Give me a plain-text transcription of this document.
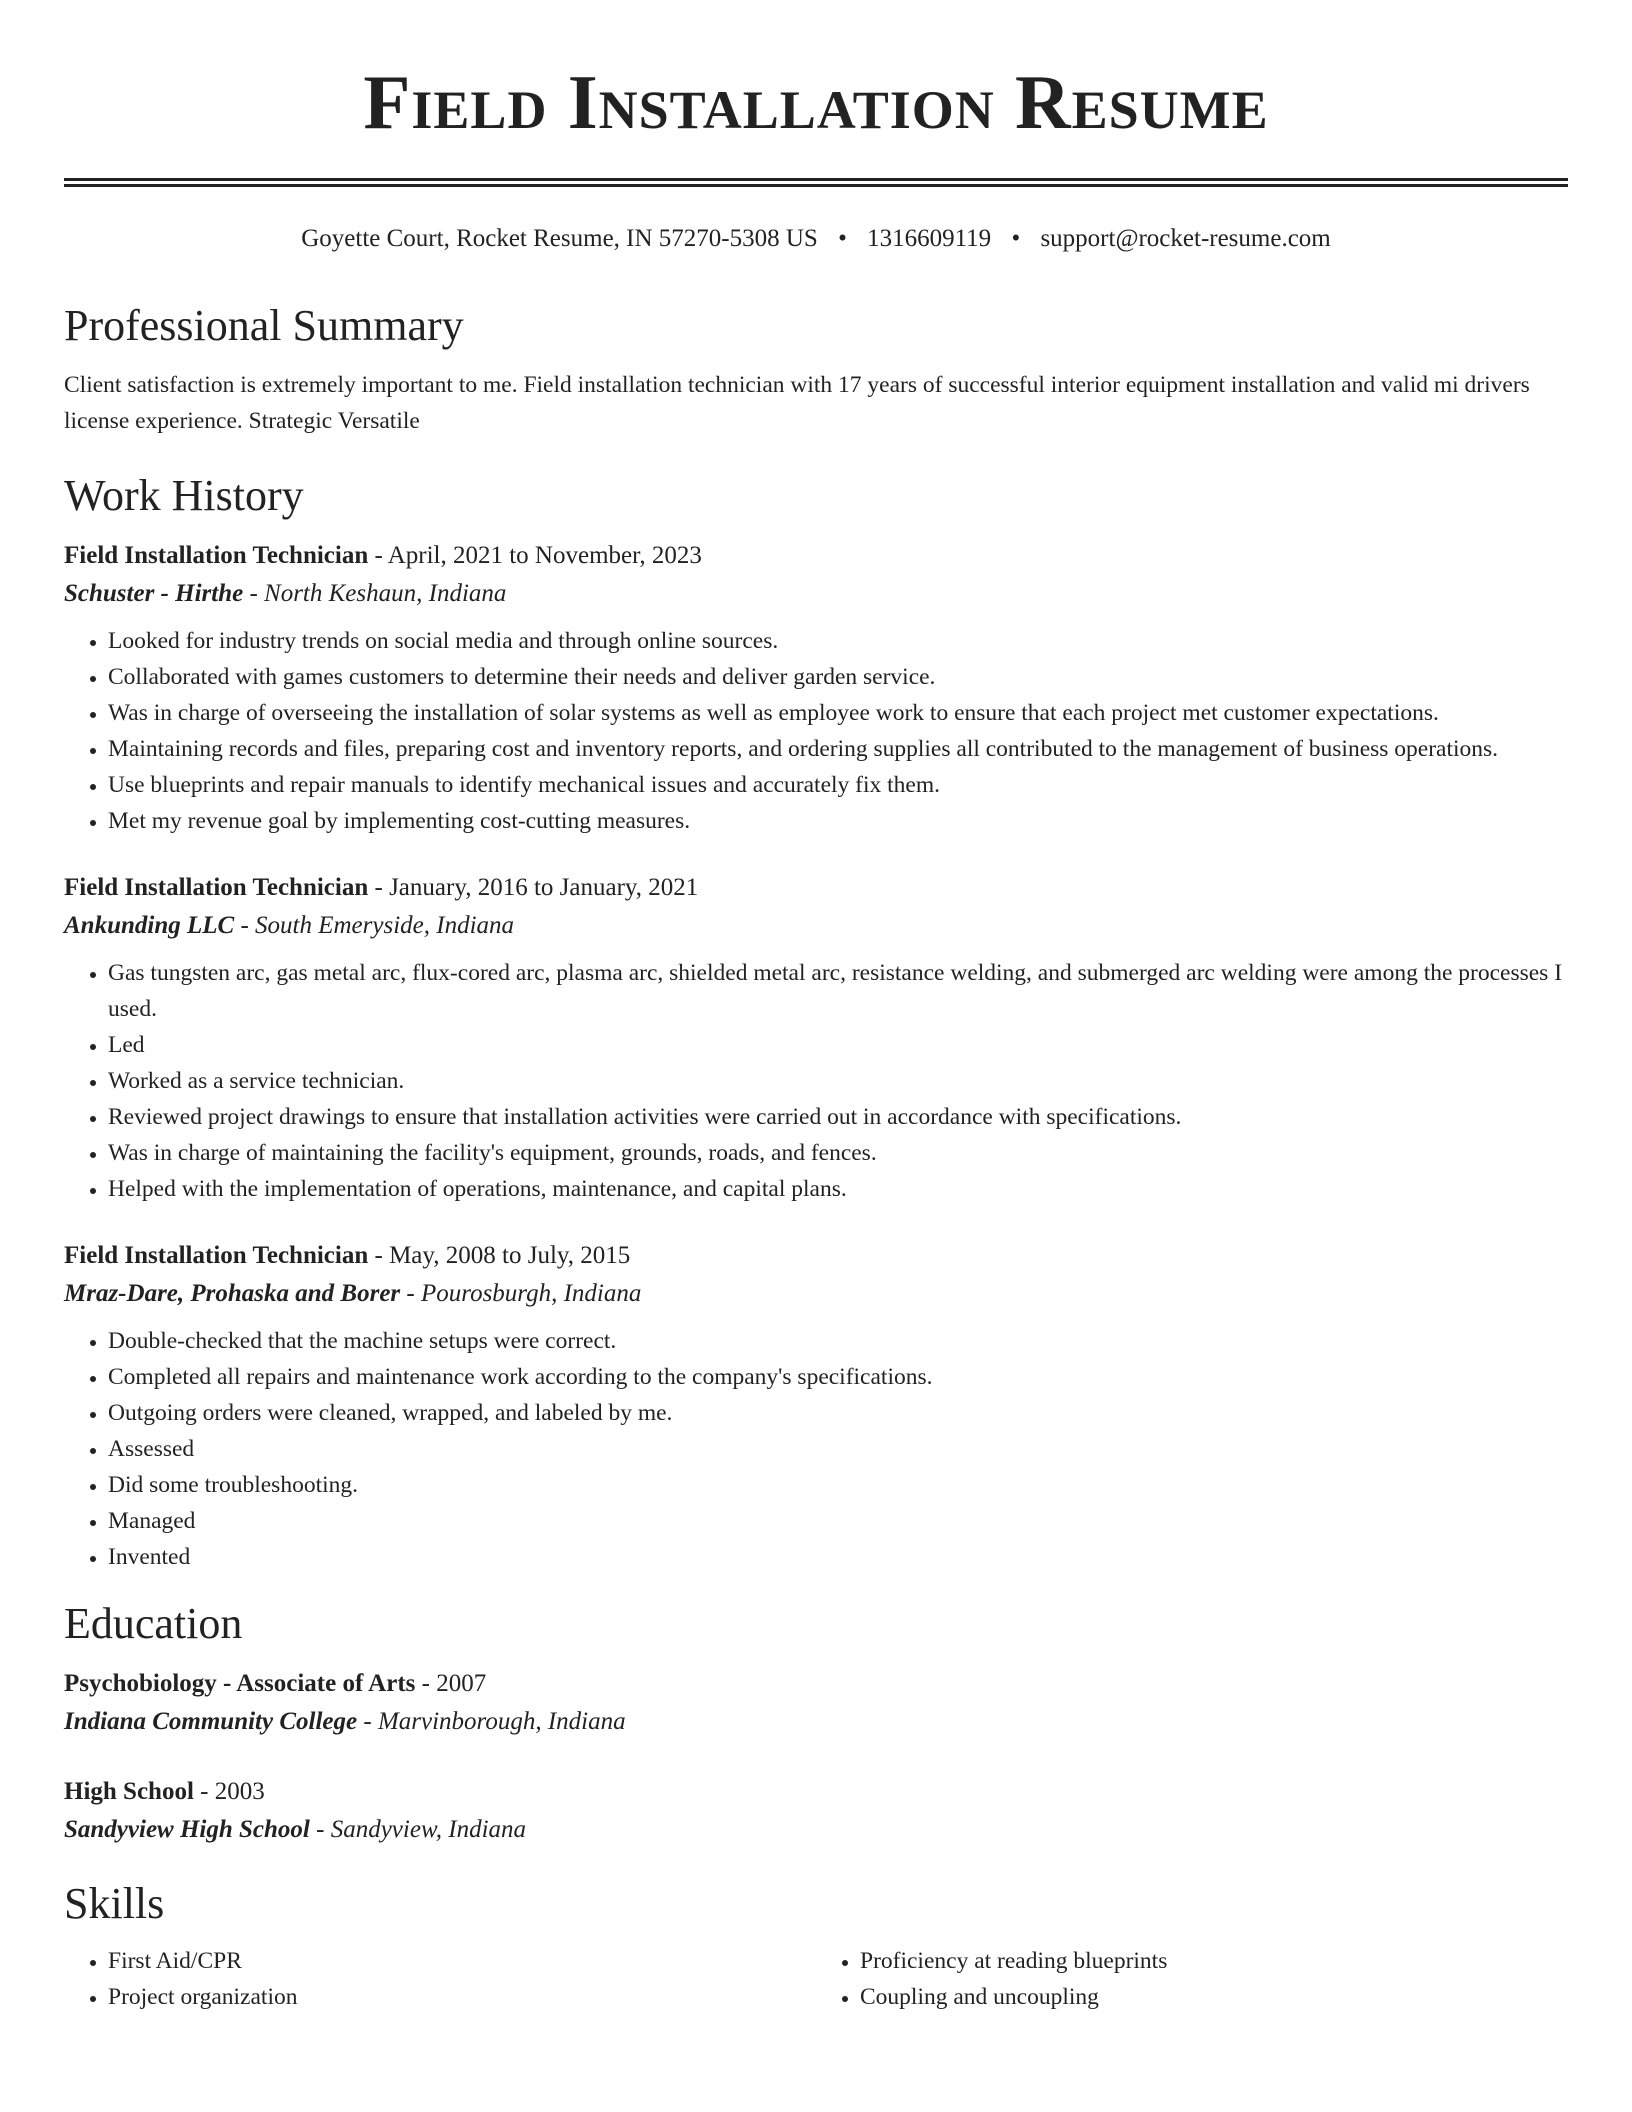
Field Installation Resume
Goyette Court, Rocket Resume, IN 57270-5308 US • 1316609119 • support@rocket-resume.com
Professional Summary

Client satisfaction is extremely important to me. Field installation technician with 17 years of successful interior equipment installation and valid mi drivers license experience. Strategic Versatile

Work History
Field Installation Technician - April, 2021 to November, 2023
Schuster - Hirthe - North Keshaun, Indiana
• Looked for industry trends on social media and through online sources.
• Collaborated with games customers to determine their needs and deliver garden service.
• Was in charge of overseeing the installation of solar systems as well as employee work to ensure that each project met customer expectations.
• Maintaining records and files, preparing cost and inventory reports, and ordering supplies all contributed to the management of business operations.
• Use blueprints and repair manuals to identify mechanical issues and accurately fix them.
• Met my revenue goal by implementing cost-cutting measures.
Field Installation Technician - January, 2016 to January, 2021
Ankunding LLC - South Emeryside, Indiana
• Gas tungsten arc, gas metal arc, flux-cored arc, plasma arc, shielded metal arc, resistance welding, and submerged arc welding were among the processes I used.
• Led
• Worked as a service technician.
• Reviewed project drawings to ensure that installation activities were carried out in accordance with specifications.
• Was in charge of maintaining the facility's equipment, grounds, roads, and fences.
• Helped with the implementation of operations, maintenance, and capital plans.
Field Installation Technician - May, 2008 to July, 2015
Mraz-Dare, Prohaska and Borer - Pourosburgh, Indiana
• Double-checked that the machine setups were correct.
• Completed all repairs and maintenance work according to the company's specifications.
• Outgoing orders were cleaned, wrapped, and labeled by me.
• Assessed
• Did some troubleshooting.
• Managed
• Invented
Education
Psychobiology - Associate of Arts - 2007
Indiana Community College - Marvinborough, Indiana
High School - 2003
Sandyview High School - Sandyview, Indiana
Skills
• First Aid/CPR
• Project organization
• Proficiency at reading blueprints
• Coupling and uncoupling
